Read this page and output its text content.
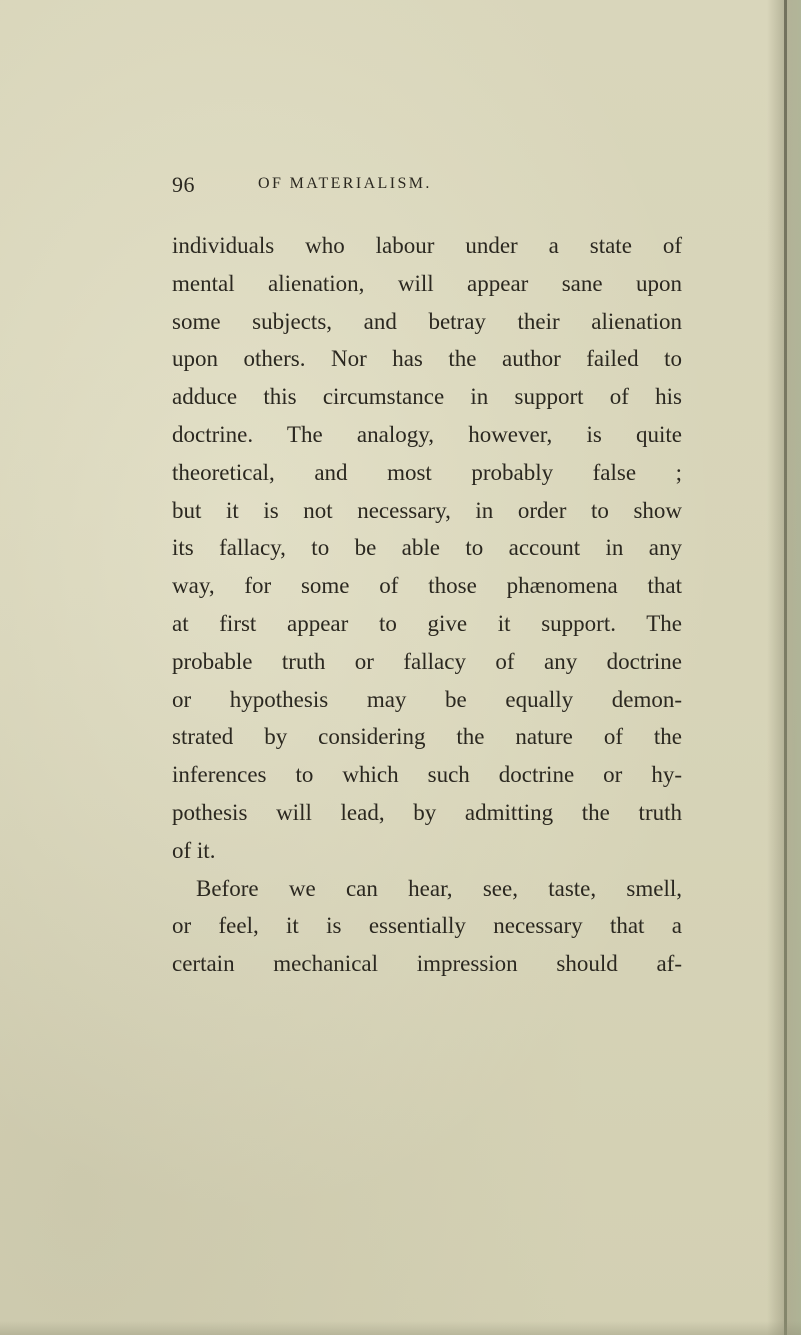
96	OF MATERIALISM.
individuals who labour under a state of
mental alienation, will appear sane upon
some subjects, and betray their alienation
upon others. Nor has the author failed to
adduce this circumstance in support of his
doctrine. The analogy, however, is quite
theoretical, and most probably false ;
but it is not necessary, in order to show
its fallacy, to be able to account in any
way, for some of those phænomena that
at first appear to give it support. The
probable truth or fallacy of any doctrine
or hypothesis may be equally demon-
strated by considering the nature of the
inferences to which such doctrine or hy-
pothesis will lead, by admitting the truth
of it.
Before we can hear, see, taste, smell,
or feel, it is essentially necessary that a
certain mechanical impression should af-
